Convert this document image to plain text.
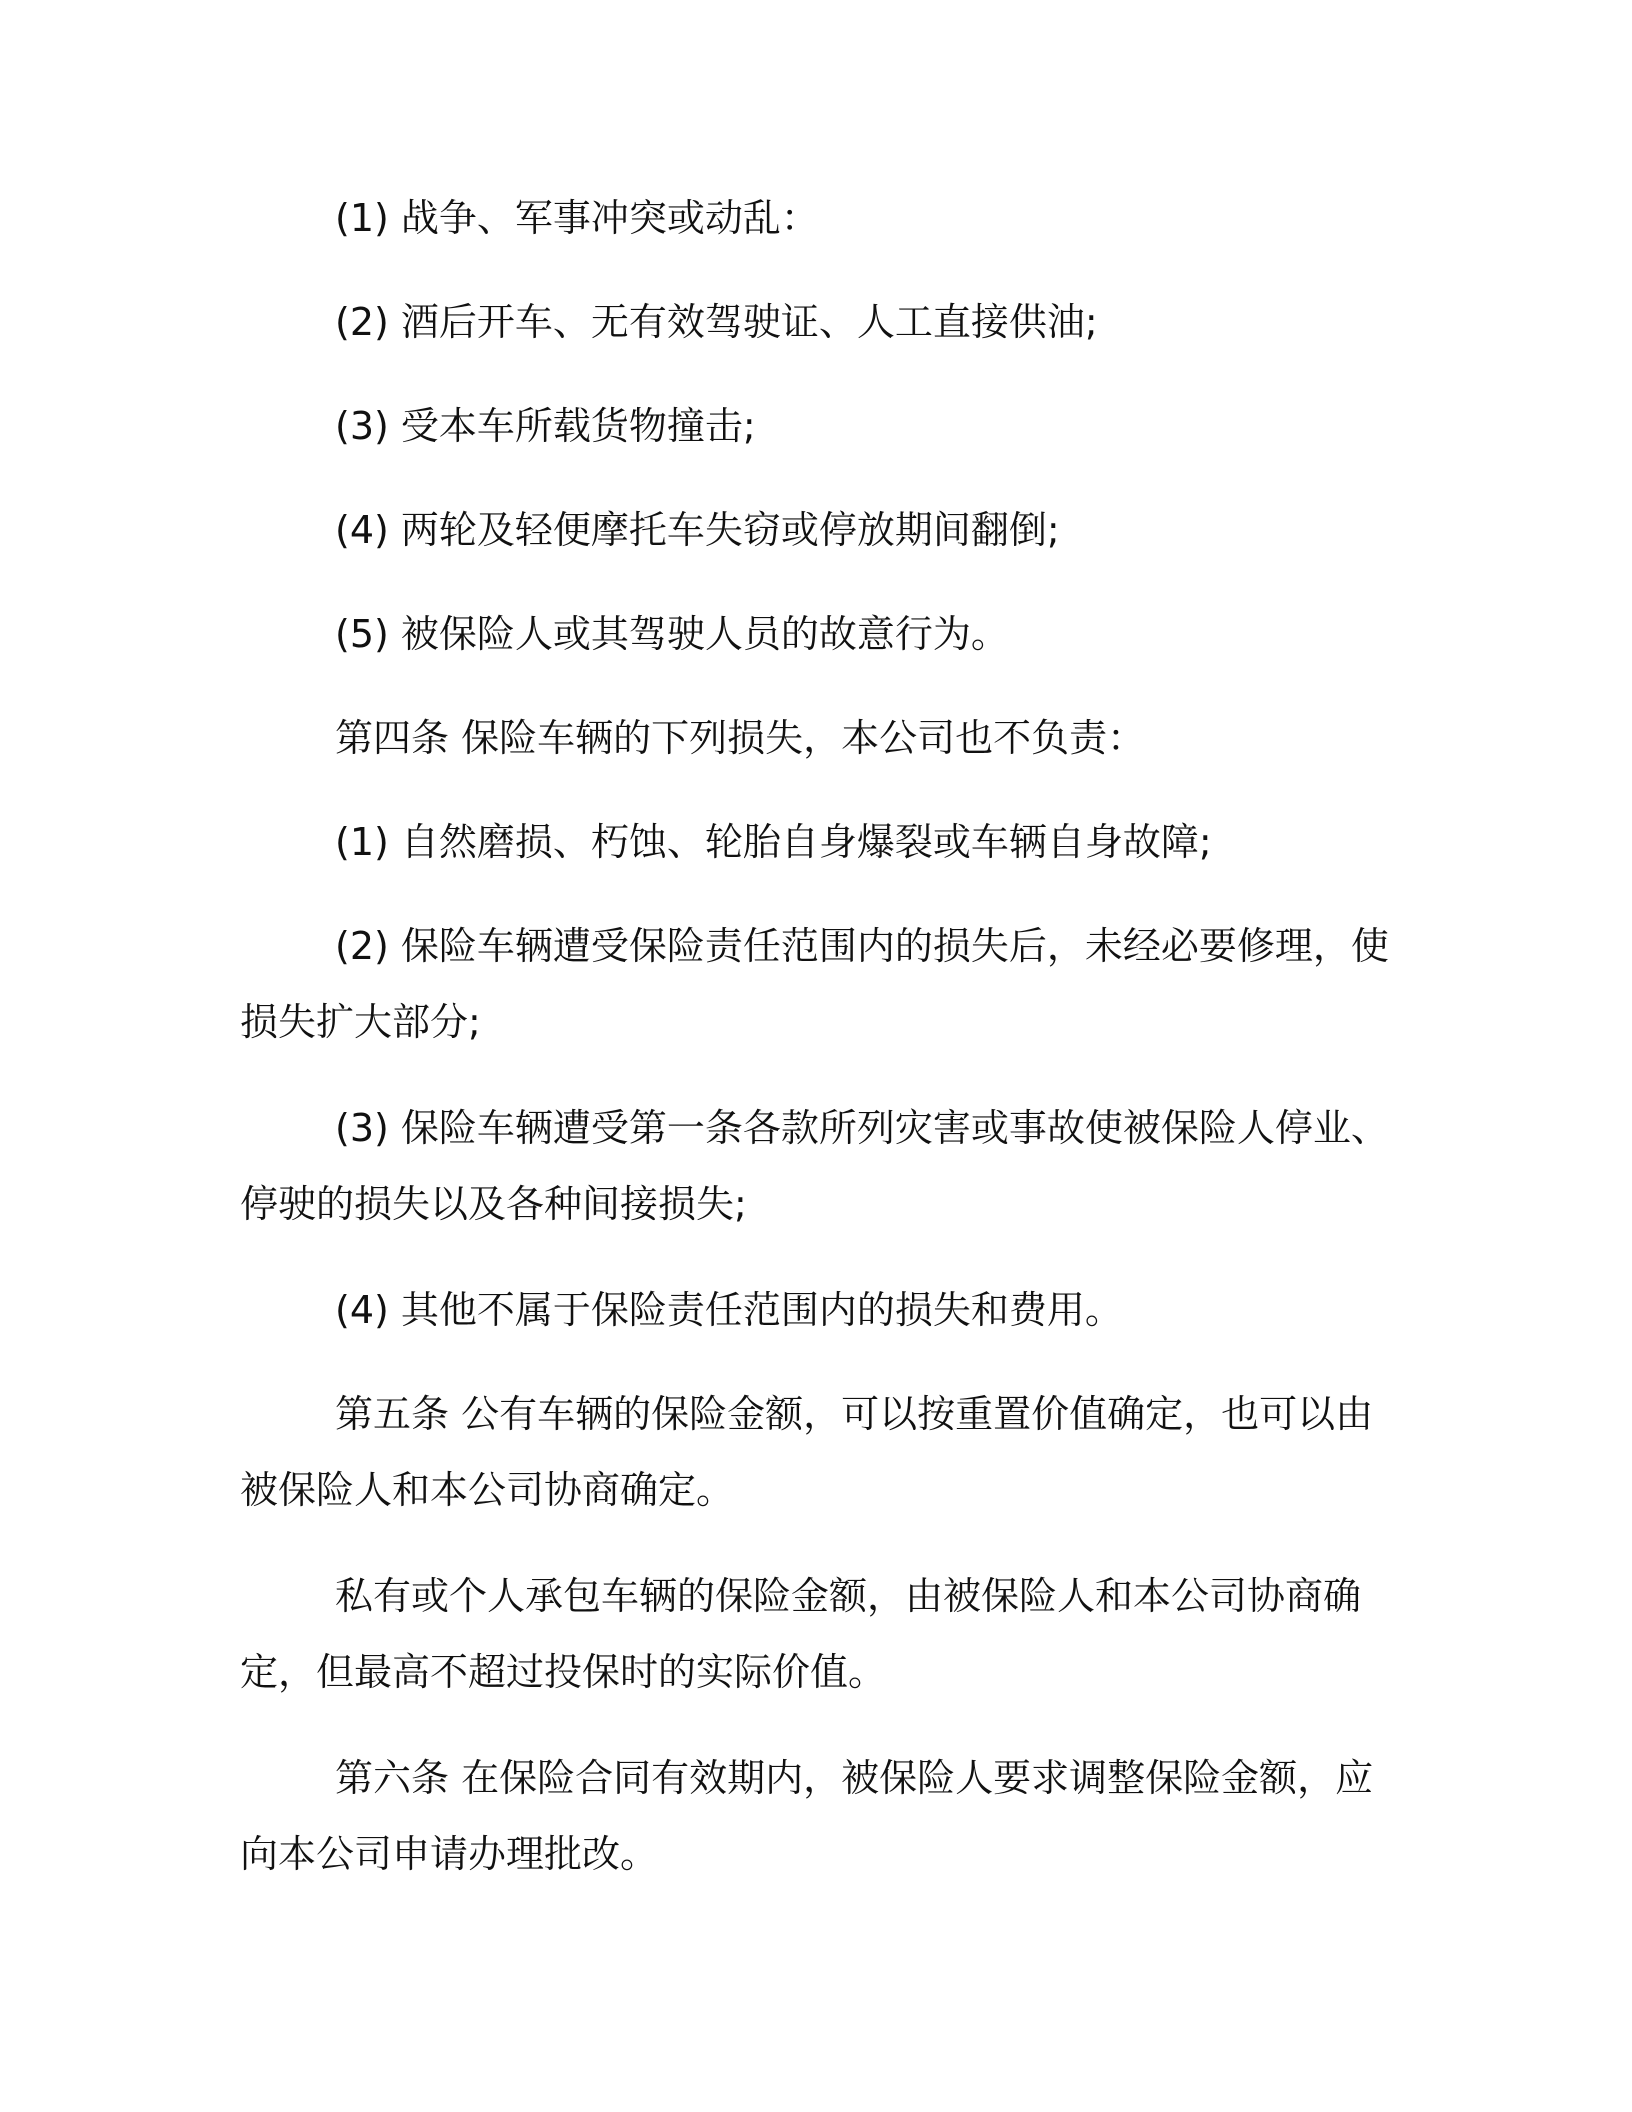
(1) 战争、军事冲突或动乱：

(2) 酒后开车、无有效驾驶证、人工直接供油;

(3) 受本车所载货物撞击;

(4) 两轮及轻便摩托车失窃或停放期间翻倒;

(5) 被保险人或其驾驶人员的故意行为。

第四条 保险车辆的下列损失，本公司也不负责：

(1) 自然磨损、朽蚀、轮胎自身爆裂或车辆自身故障;

(2) 保险车辆遭受保险责任范围内的损失后，未经必要修理，使损失扩大部分;

(3) 保险车辆遭受第一条各款所列灾害或事故使被保险人停业、停驶的损失以及各种间接损失;

(4) 其他不属于保险责任范围内的损失和费用。

第五条 公有车辆的保险金额，可以按重置价值确定，也可以由被保险人和本公司协商确定。

私有或个人承包车辆的保险金额，由被保险人和本公司协商确定，但最高不超过投保时的实际价值。

第六条 在保险合同有效期内，被保险人要求调整保险金额，应向本公司申请办理批改。
